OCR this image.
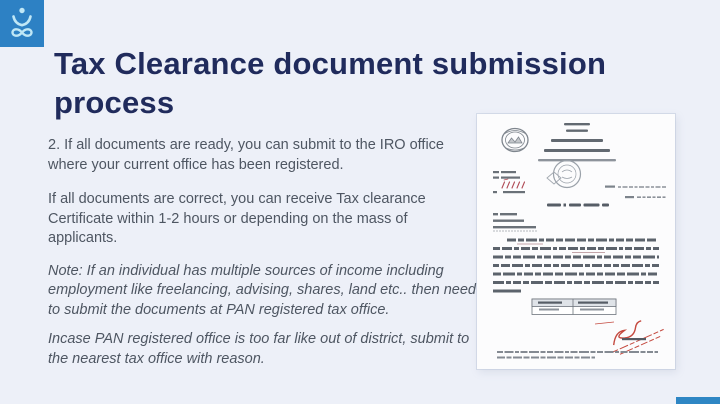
Tax Clearance document submission process

2. If all documents are ready, you can submit to the IRO office where your current office has been registered.

If all documents are correct, you can receive Tax clearance Certificate within 1-2 hours or depending on the mass of applicants.

Note: If an individual has multiple sources of income including employment like freelancing, advising, shares, land etc.. then need to submit the documents at PAN registered tax office.

Incase PAN registered office is too far like out of district, submit to the nearest tax office with reason.
